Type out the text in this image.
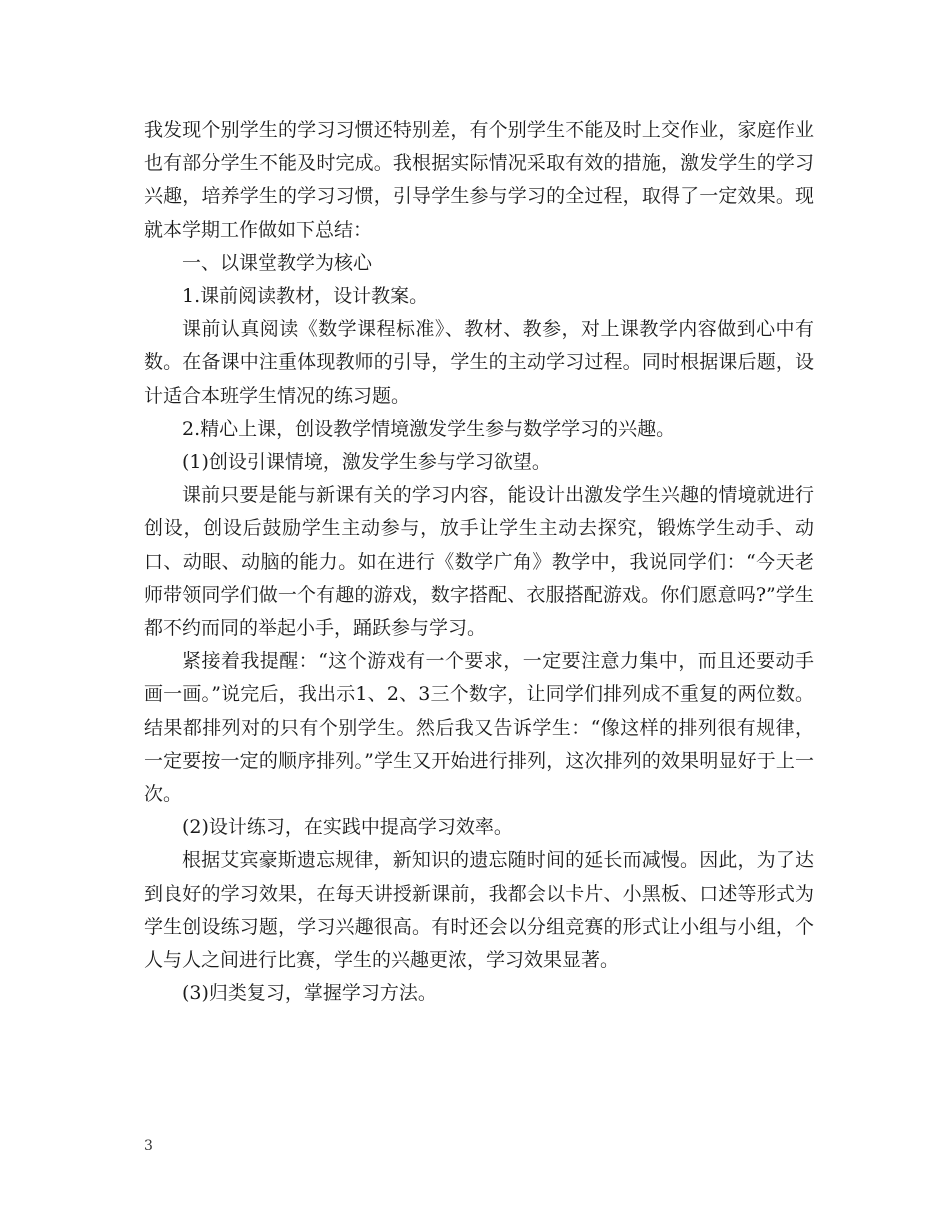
我发现个别学生的学习习惯还特别差，有个别学生不能及时上交作业，家庭作业也有部分学生不能及时完成。我根据实际情况采取有效的措施，激发学生的学习兴趣，培养学生的学习习惯，引导学生参与学习的全过程，取得了一定效果。现就本学期工作做如下总结：

一、以课堂教学为核心

1.课前阅读教材，设计教案。

课前认真阅读《数学课程标准》、教材、教参，对上课教学内容做到心中有数。在备课中注重体现教师的引导，学生的主动学习过程。同时根据课后题，设计适合本班学生情况的练习题。

2.精心上课，创设教学情境激发学生参与数学学习的兴趣。

(1)创设引课情境，激发学生参与学习欲望。

课前只要是能与新课有关的学习内容，能设计出激发学生兴趣的情境就进行创设，创设后鼓励学生主动参与，放手让学生主动去探究，锻炼学生动手、动口、动眼、动脑的能力。如在进行《数学广角》教学中，我说同学们：“今天老师带领同学们做一个有趣的游戏，数字搭配、衣服搭配游戏。你们愿意吗?”学生都不约而同的举起小手，踊跃参与学习。

紧接着我提醒：“这个游戏有一个要求，一定要注意力集中，而且还要动手画一画。”说完后，我出示1、2、3三个数字，让同学们排列成不重复的两位数。结果都排列对的只有个别学生。然后我又告诉学生：“像这样的排列很有规律，一定要按一定的顺序排列。”学生又开始进行排列，这次排列的效果明显好于上一次。

(2)设计练习，在实践中提高学习效率。

根据艾宾豪斯遗忘规律，新知识的遗忘随时间的延长而减慢。因此，为了达到良好的学习效果，在每天讲授新课前，我都会以卡片、小黑板、口述等形式为学生创设练习题，学习兴趣很高。有时还会以分组竞赛的形式让小组与小组，个人与人之间进行比赛，学生的兴趣更浓，学习效果显著。

(3)归类复习，掌握学习方法。

3
